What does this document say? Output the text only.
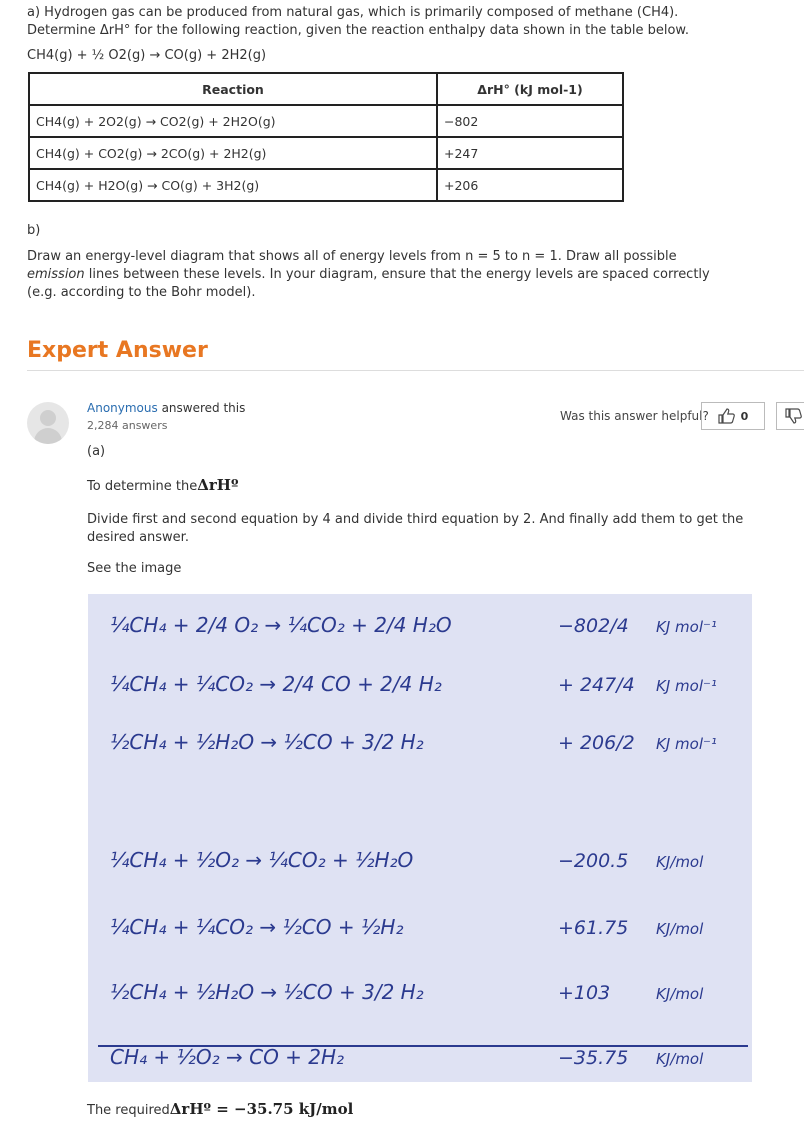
a) Hydrogen gas can be produced from natural gas, which is primarily composed of methane (CH4).
Determine ΔrH° for the following reaction, given the reaction enthalpy data shown in the table below.
CH4(g) + ½ O2(g) → CO(g) + 2H2(g)
Reaction	ΔrH° (kJ mol-1)
CH4(g) + 2O2(g) → CO2(g) + 2H2O(g)	−802
CH4(g) + CO2(g) → 2CO(g) + 2H2(g)	+247
CH4(g) + H2O(g) → CO(g) + 3H2(g)	+206
b)
Draw an energy-level diagram that shows all of energy levels from n = 5 to n = 1. Draw all possible
emission lines between these levels. In your diagram, ensure that the energy levels are spaced correctly
(e.g. according to the Bohr model).
Expert Answer
Anonymous answered this
2,284 answers
Was this answer helpful?	0
(a)
To determine the ΔrHº
Divide first and second equation by 4 and divide third equation by 2. And finally add them to get the
desired answer.
See the image
¼CH₄ + 2/4 O₂ → ¼CO₂ + 2/4 H₂O	−802/4 KJ mol⁻¹
¼CH₄ + ¼CO₂ → 2/4 CO + 2/4 H₂	+ 247/4 KJ mol⁻¹
½CH₄ + ½H₂O → ½CO + 3/2 H₂	+ 206/2 KJ mol⁻¹
¼CH₄ + ½O₂ → ¼CO₂ + ½H₂O	−200.5 KJ/mol
¼CH₄ + ¼CO₂ → ½CO + ½H₂	+61.75 KJ/mol
½CH₄ + ½H₂O → ½CO + 3/2 H₂	+103	KJ/mol
CH₄ + ½O₂ → CO + 2H₂	−35.75 KJ/mol
The required ΔrHº = −35.75 kJ/mol
